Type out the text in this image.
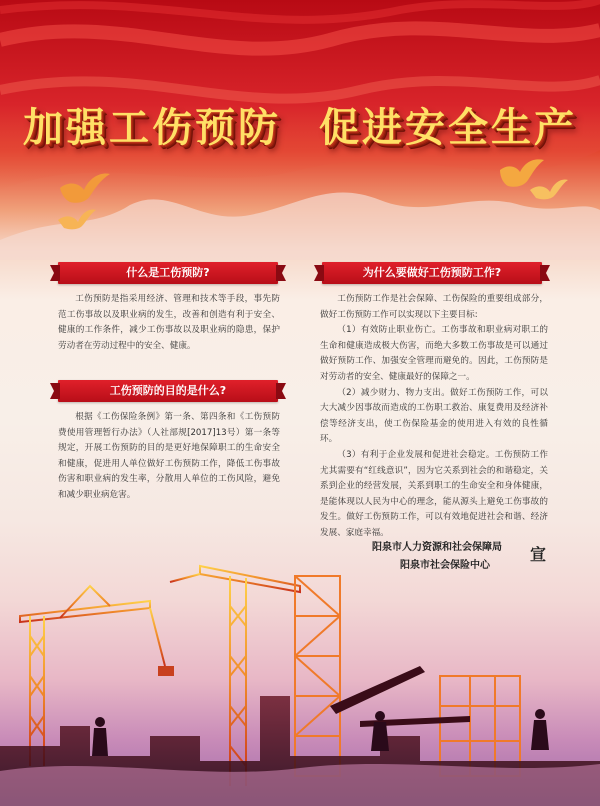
加强工伤预防 促进安全生产
什么是工伤预防?

工伤预防是指采用经济、管理和技术等手段，事先防范工伤事故以及职业病的发生，改善和创造有利于安全、健康的工作条件，减少工伤事故以及职业病的隐患，保护劳动者在劳动过程中的安全、健康。

工伤预防的目的是什么?

根据《工伤保险条例》第一条、第四条和《工伤预防费使用管理暂行办法》（人社部规[2017]13号）第一条等规定，开展工伤预防的目的是更好地保障职工的生命安全和健康，促进用人单位做好工伤预防工作，降低工伤事故伤害和职业病的发生率，分散用人单位的工伤风险，避免和减少职业病危害。

为什么要做好工伤预防工作?

工伤预防工作是社会保障、工伤保险的重要组成部分，做好工伤预防工作可以实现以下主要目标:

（1）有效防止职业伤亡。工伤事故和职业病对职工的生命和健康造成极大伤害，而绝大多数工伤事故是可以通过做好预防工作、加强安全管理而避免的。因此，工伤预防是对劳动者的安全、健康最好的保障之一。

（2）减少财力、物力支出。做好工伤预防工作，可以大大减少因事故而造成的工伤职工救治、康复费用及经济补偿等经济支出，使工伤保险基金的使用进入有效的良性循环。

（3）有利于企业发展和促进社会稳定。工伤预防工作尤其需要有“红线意识”，因为它关系到社会的和谐稳定，关系到企业的经营发展，关系到职工的生命安全和身体健康，是能体现以人民为中心的理念，能从源头上避免工伤事故的发生。做好工伤预防工作，可以有效地促进社会和谐、经济发展、家庭幸福。

阳泉市人力资源和社会保障局
阳泉市社会保险中心
宣
